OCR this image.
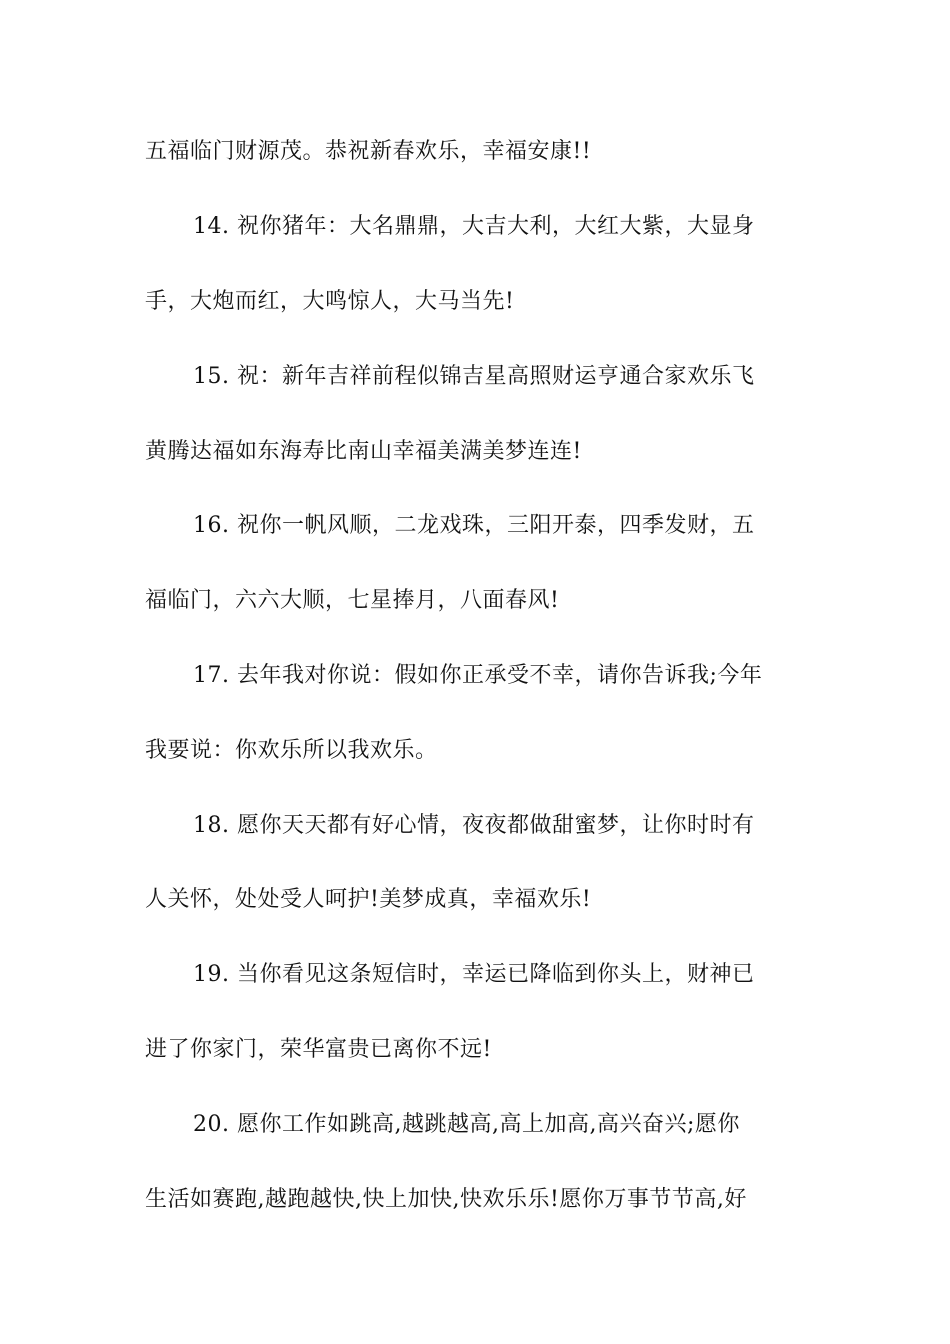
五福临门财源茂。恭祝新春欢乐，幸福安康!!
14. 祝你猪年：大名鼎鼎，大吉大利，大红大紫，大显身
手，大炮而红，大鸣惊人，大马当先!
15. 祝：新年吉祥前程似锦吉星高照财运亨通合家欢乐飞
黄腾达福如东海寿比南山幸福美满美梦连连!
16. 祝你一帆风顺，二龙戏珠，三阳开泰，四季发财，五
福临门，六六大顺，七星捧月，八面春风!
17. 去年我对你说：假如你正承受不幸，请你告诉我;今年
我要说：你欢乐所以我欢乐。
18. 愿你天天都有好心情，夜夜都做甜蜜梦，让你时时有
人关怀，处处受人呵护!美梦成真，幸福欢乐!
19. 当你看见这条短信时，幸运已降临到你头上，财神已
进了你家门，荣华富贵已离你不远!
20. 愿你工作如跳高,越跳越高,高上加高,高兴奋兴;愿你
生活如赛跑,越跑越快,快上加快,快欢乐乐!愿你万事节节高,好
